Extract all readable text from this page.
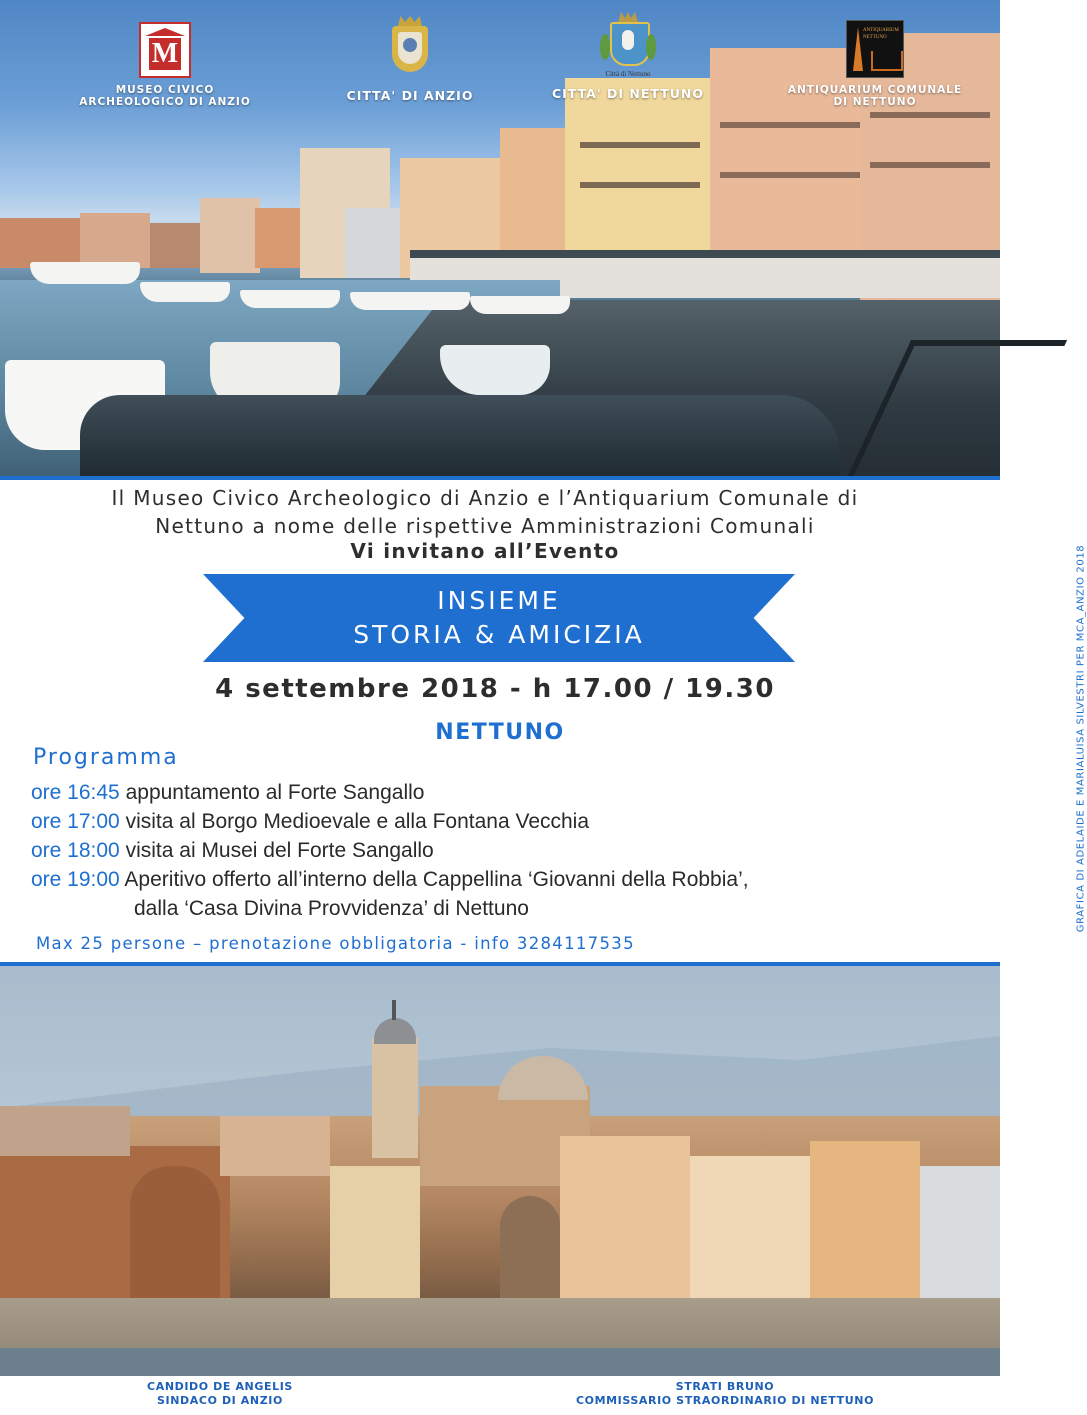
M
MUSEO CIVICO
ARCHEOLOGICO DI ANZIO	CITTA' DI ANZIO
Città di Nettuno
CITTA' DI NETTUNO
ANTIQUARIUM NETTUNO
ANTIQUARIUM COMUNALE
DI NETTUNO
Il Museo Civico Archeologico di Anzio e l’Antiquarium Comunale di
Nettuno a nome delle rispettive Amministrazioni Comunali
Vi invitano all’Evento
INSIEME
STORIA & AMICIZIA
4 settembre 2018 - h 17.00 / 19.30
NETTUNO
Programma
ore 16:45 appuntamento al Forte Sangallo
ore 17:00 visita al Borgo Medioevale e alla Fontana Vecchia
ore 18:00 visita ai Musei del Forte Sangallo
ore 19:00 Aperitivo offerto all’interno della Cappellina ‘Giovanni della Robbia’,
dalla ‘Casa Divina Provvidenza’ di Nettuno
Max 25 persone – prenotazione obbligatoria - info 3284117535
GRAFICA DI ADELAIDE E MARIALUISA SILVESTRI PER MCA_ANZIO 2018
CANDIDO DE ANGELIS
SINDACO DI ANZIO
STRATI BRUNO
COMMISSARIO STRAORDINARIO DI NETTUNO
